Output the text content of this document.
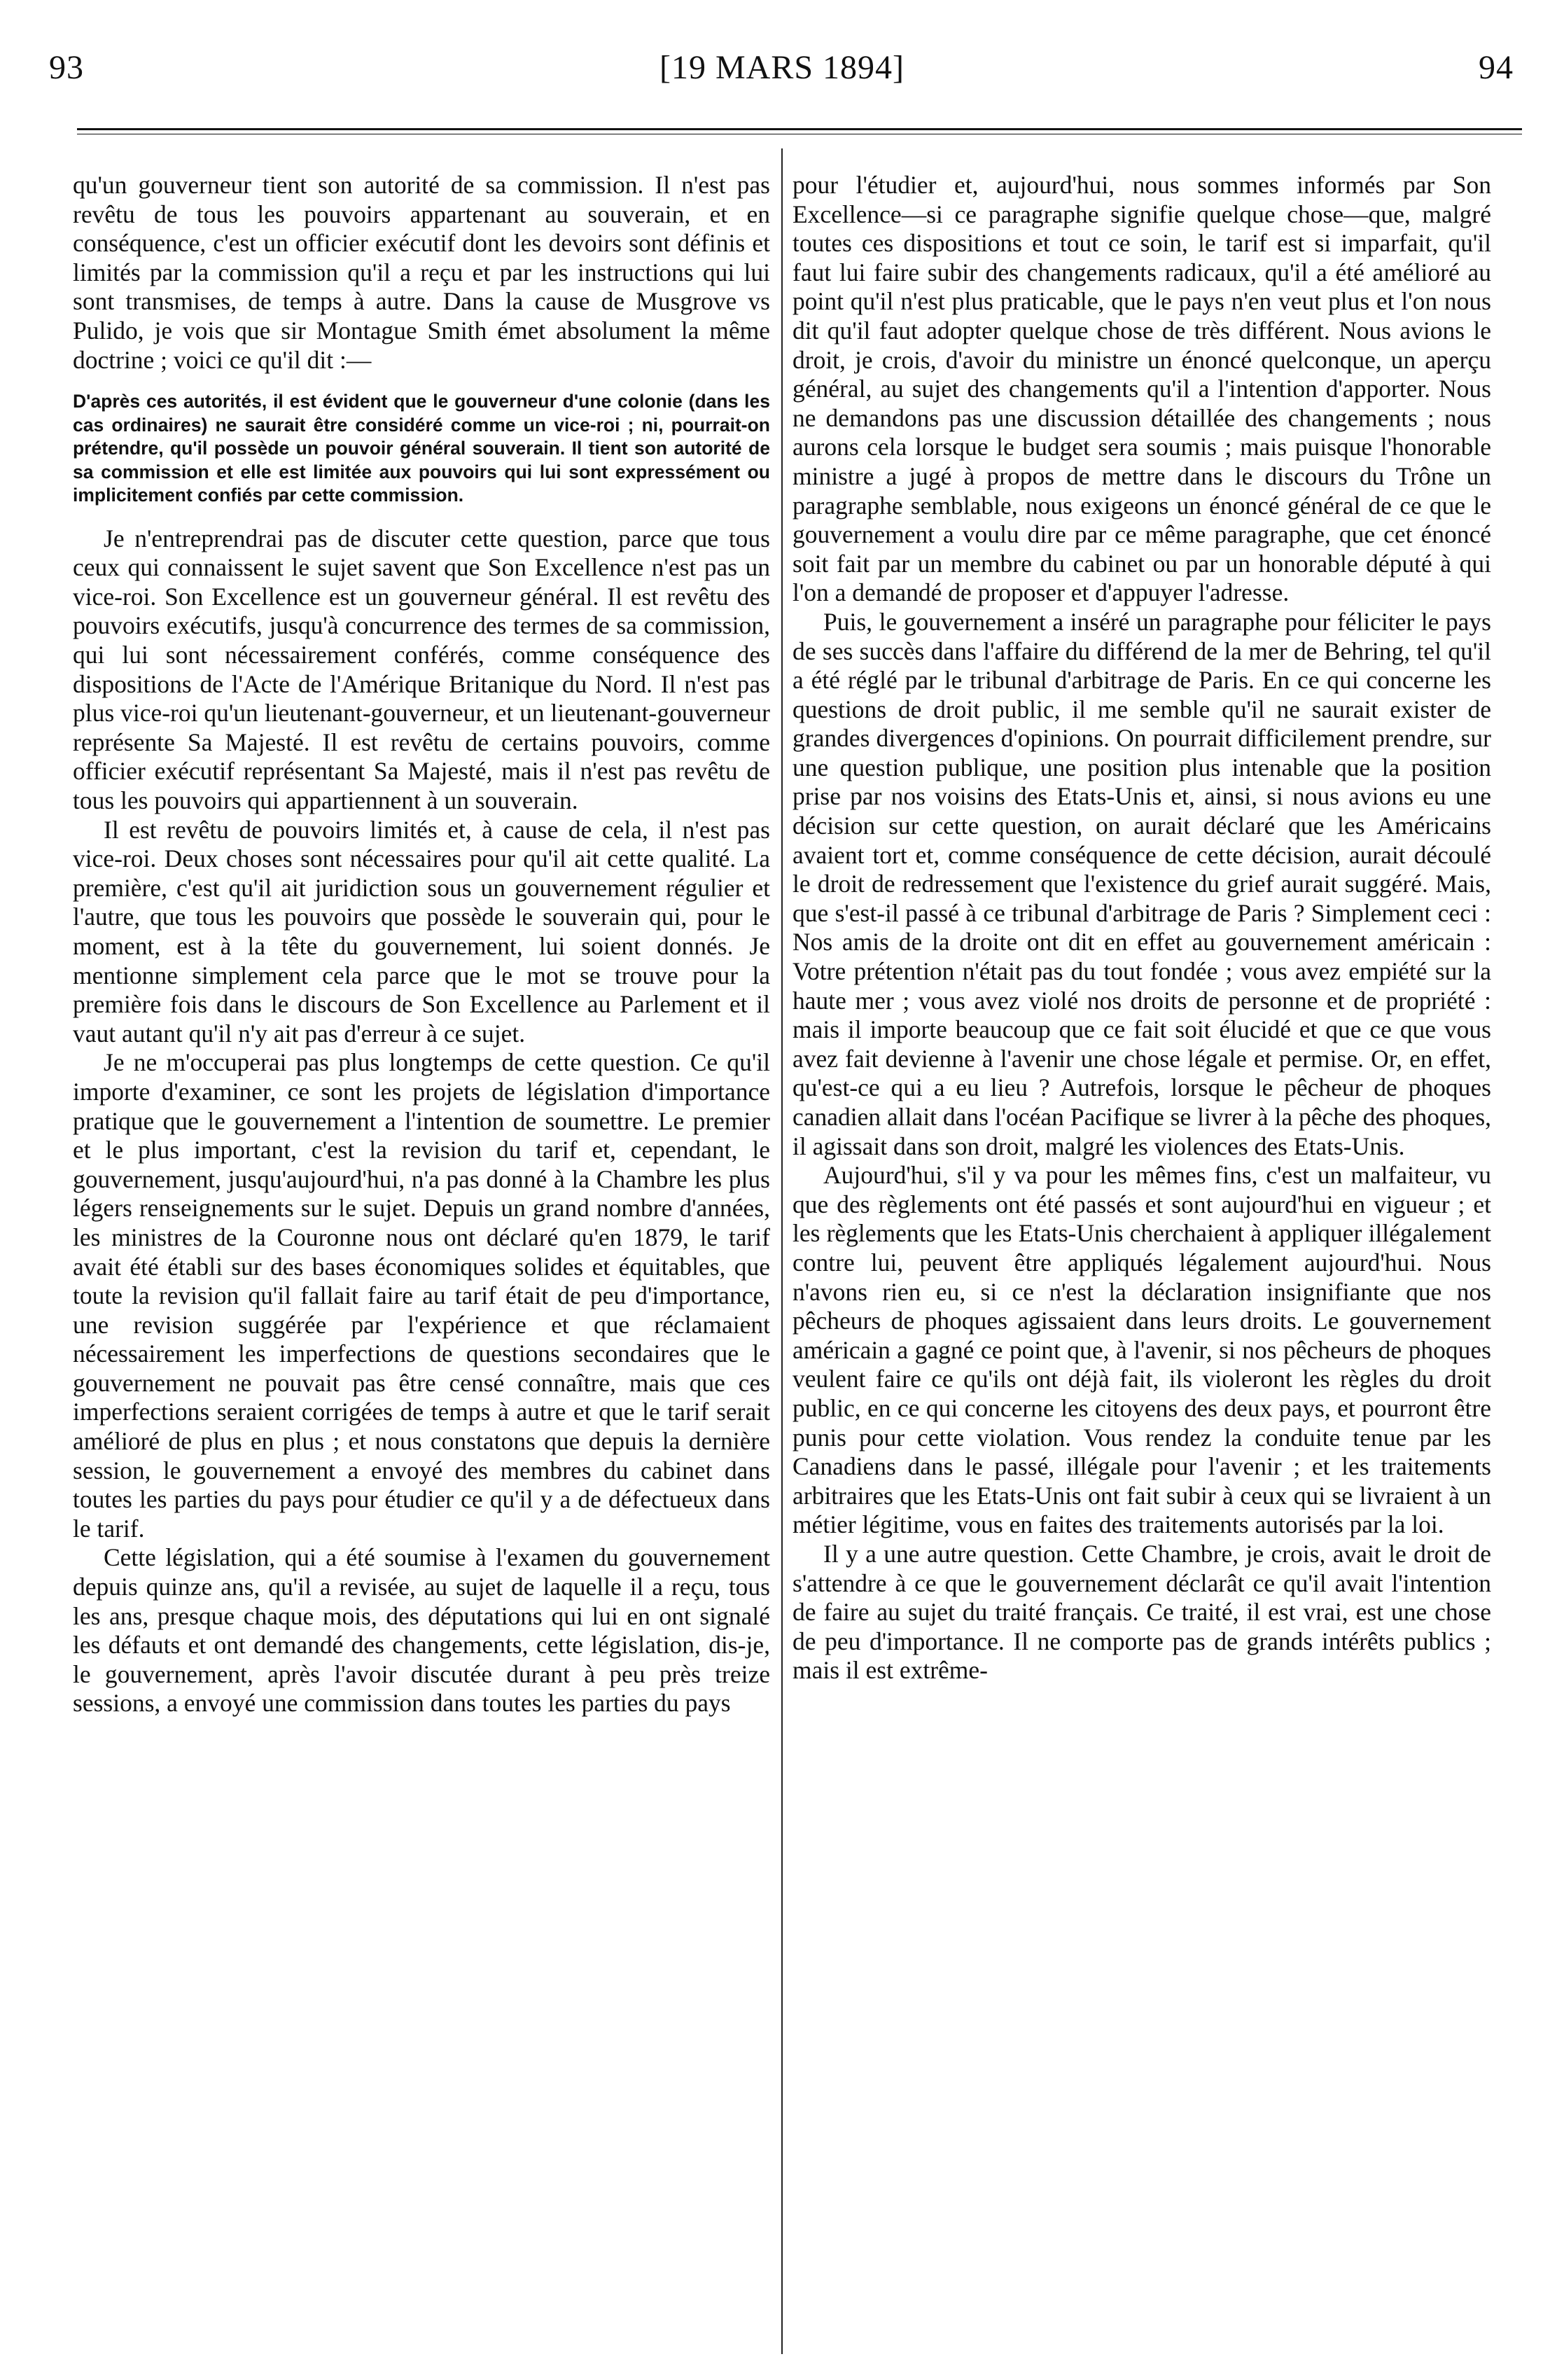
93	[19 MARS 1894]	94

qu'un gouverneur tient son autorité de sa commission. Il n'est pas revêtu de tous les pouvoirs appartenant au souverain, et en conséquence, c'est un officier exécutif dont les devoirs sont définis et limités par la commission qu'il a reçu et par les instructions qui lui sont transmises, de temps à autre. Dans la cause de Musgrove vs Pulido, je vois que sir Montague Smith émet absolument la même doctrine ; voici ce qu'il dit :—

D'après ces autorités, il est évident que le gouverneur d'une colonie (dans les cas ordinaires) ne saurait être considéré comme un vice-roi ; ni, pourrait-on prétendre, qu'il possède un pouvoir général souverain. Il tient son autorité de sa commission et elle est limitée aux pouvoirs qui lui sont expressément ou implicitement confiés par cette commission.

Je n'entreprendrai pas de discuter cette question, parce que tous ceux qui connaissent le sujet savent que Son Excellence n'est pas un vice-roi. Son Excellence est un gouverneur général. Il est revêtu des pouvoirs exécutifs, jusqu'à concurrence des termes de sa commission, qui lui sont nécessairement conférés, comme conséquence des dispositions de l'Acte de l'Amérique Britanique du Nord. Il n'est pas plus vice-roi qu'un lieutenant-gouverneur, et un lieutenant-gouverneur représente Sa Majesté. Il est revêtu de certains pouvoirs, comme officier exécutif représentant Sa Majesté, mais il n'est pas revêtu de tous les pouvoirs qui appartiennent à un souverain.

Il est revêtu de pouvoirs limités et, à cause de cela, il n'est pas vice-roi. Deux choses sont nécessaires pour qu'il ait cette qualité. La première, c'est qu'il ait juridiction sous un gouvernement régulier et l'autre, que tous les pouvoirs que possède le souverain qui, pour le moment, est à la tête du gouvernement, lui soient donnés. Je mentionne simplement cela parce que le mot se trouve pour la première fois dans le discours de Son Excellence au Parlement et il vaut autant qu'il n'y ait pas d'erreur à ce sujet.

Je ne m'occuperai pas plus longtemps de cette question. Ce qu'il importe d'examiner, ce sont les projets de législation d'importance pratique que le gouvernement a l'intention de soumettre. Le premier et le plus important, c'est la revision du tarif et, cependant, le gouvernement, jusqu'aujourd'hui, n'a pas donné à la Chambre les plus légers renseignements sur le sujet. Depuis un grand nombre d'années, les ministres de la Couronne nous ont déclaré qu'en 1879, le tarif avait été établi sur des bases économiques solides et équitables, que toute la revision qu'il fallait faire au tarif était de peu d'importance, une revision suggérée par l'expérience et que réclamaient nécessairement les imperfections de questions secondaires que le gouvernement ne pouvait pas être censé connaître, mais que ces imperfections seraient corrigées de temps à autre et que le tarif serait amélioré de plus en plus ; et nous constatons que depuis la dernière session, le gouvernement a envoyé des membres du cabinet dans toutes les parties du pays pour étudier ce qu'il y a de défectueux dans le tarif.

Cette législation, qui a été soumise à l'examen du gouvernement depuis quinze ans, qu'il a revisée, au sujet de laquelle il a reçu, tous les ans, presque chaque mois, des députations qui lui en ont signalé les défauts et ont demandé des changements, cette législation, dis-je, le gouvernement, après l'avoir discutée durant à peu près treize sessions, a envoyé une commission dans toutes les parties du pays

pour l'étudier et, aujourd'hui, nous sommes informés par Son Excellence—si ce paragraphe signifie quelque chose—que, malgré toutes ces dispositions et tout ce soin, le tarif est si imparfait, qu'il faut lui faire subir des changements radicaux, qu'il a été amélioré au point qu'il n'est plus praticable, que le pays n'en veut plus et l'on nous dit qu'il faut adopter quelque chose de très différent. Nous avions le droit, je crois, d'avoir du ministre un énoncé quelconque, un aperçu général, au sujet des changements qu'il a l'intention d'apporter. Nous ne demandons pas une discussion détaillée des changements ; nous aurons cela lorsque le budget sera soumis ; mais puisque l'honorable ministre a jugé à propos de mettre dans le discours du Trône un paragraphe semblable, nous exigeons un énoncé général de ce que le gouvernement a voulu dire par ce même paragraphe, que cet énoncé soit fait par un membre du cabinet ou par un honorable député à qui l'on a demandé de proposer et d'appuyer l'adresse.

Puis, le gouvernement a inséré un paragraphe pour féliciter le pays de ses succès dans l'affaire du différend de la mer de Behring, tel qu'il a été réglé par le tribunal d'arbitrage de Paris. En ce qui concerne les questions de droit public, il me semble qu'il ne saurait exister de grandes divergences d'opinions. On pourrait difficilement prendre, sur une question publique, une position plus intenable que la position prise par nos voisins des Etats-Unis et, ainsi, si nous avions eu une décision sur cette question, on aurait déclaré que les Américains avaient tort et, comme conséquence de cette décision, aurait découlé le droit de redressement que l'existence du grief aurait suggéré. Mais, que s'est-il passé à ce tribunal d'arbitrage de Paris ? Simplement ceci : Nos amis de la droite ont dit en effet au gouvernement américain : Votre prétention n'était pas du tout fondée ; vous avez empiété sur la haute mer ; vous avez violé nos droits de personne et de propriété : mais il importe beaucoup que ce fait soit élucidé et que ce que vous avez fait devienne à l'avenir une chose légale et permise. Or, en effet, qu'est-ce qui a eu lieu ? Autrefois, lorsque le pêcheur de phoques canadien allait dans l'océan Pacifique se livrer à la pêche des phoques, il agissait dans son droit, malgré les violences des Etats-Unis.

Aujourd'hui, s'il y va pour les mêmes fins, c'est un malfaiteur, vu que des règlements ont été passés et sont aujourd'hui en vigueur ; et les règlements que les Etats-Unis cherchaient à appliquer illégalement contre lui, peuvent être appliqués légalement aujourd'hui. Nous n'avons rien eu, si ce n'est la déclaration insignifiante que nos pêcheurs de phoques agissaient dans leurs droits. Le gouvernement américain a gagné ce point que, à l'avenir, si nos pêcheurs de phoques veulent faire ce qu'ils ont déjà fait, ils violeront les règles du droit public, en ce qui concerne les citoyens des deux pays, et pourront être punis pour cette violation. Vous rendez la conduite tenue par les Canadiens dans le passé, illégale pour l'avenir ; et les traitements arbitraires que les Etats-Unis ont fait subir à ceux qui se livraient à un métier légitime, vous en faites des traitements autorisés par la loi.

Il y a une autre question. Cette Chambre, je crois, avait le droit de s'attendre à ce que le gouvernement déclarât ce qu'il avait l'intention de faire au sujet du traité français. Ce traité, il est vrai, est une chose de peu d'importance. Il ne comporte pas de grands intérêts publics ; mais il est extrême-
